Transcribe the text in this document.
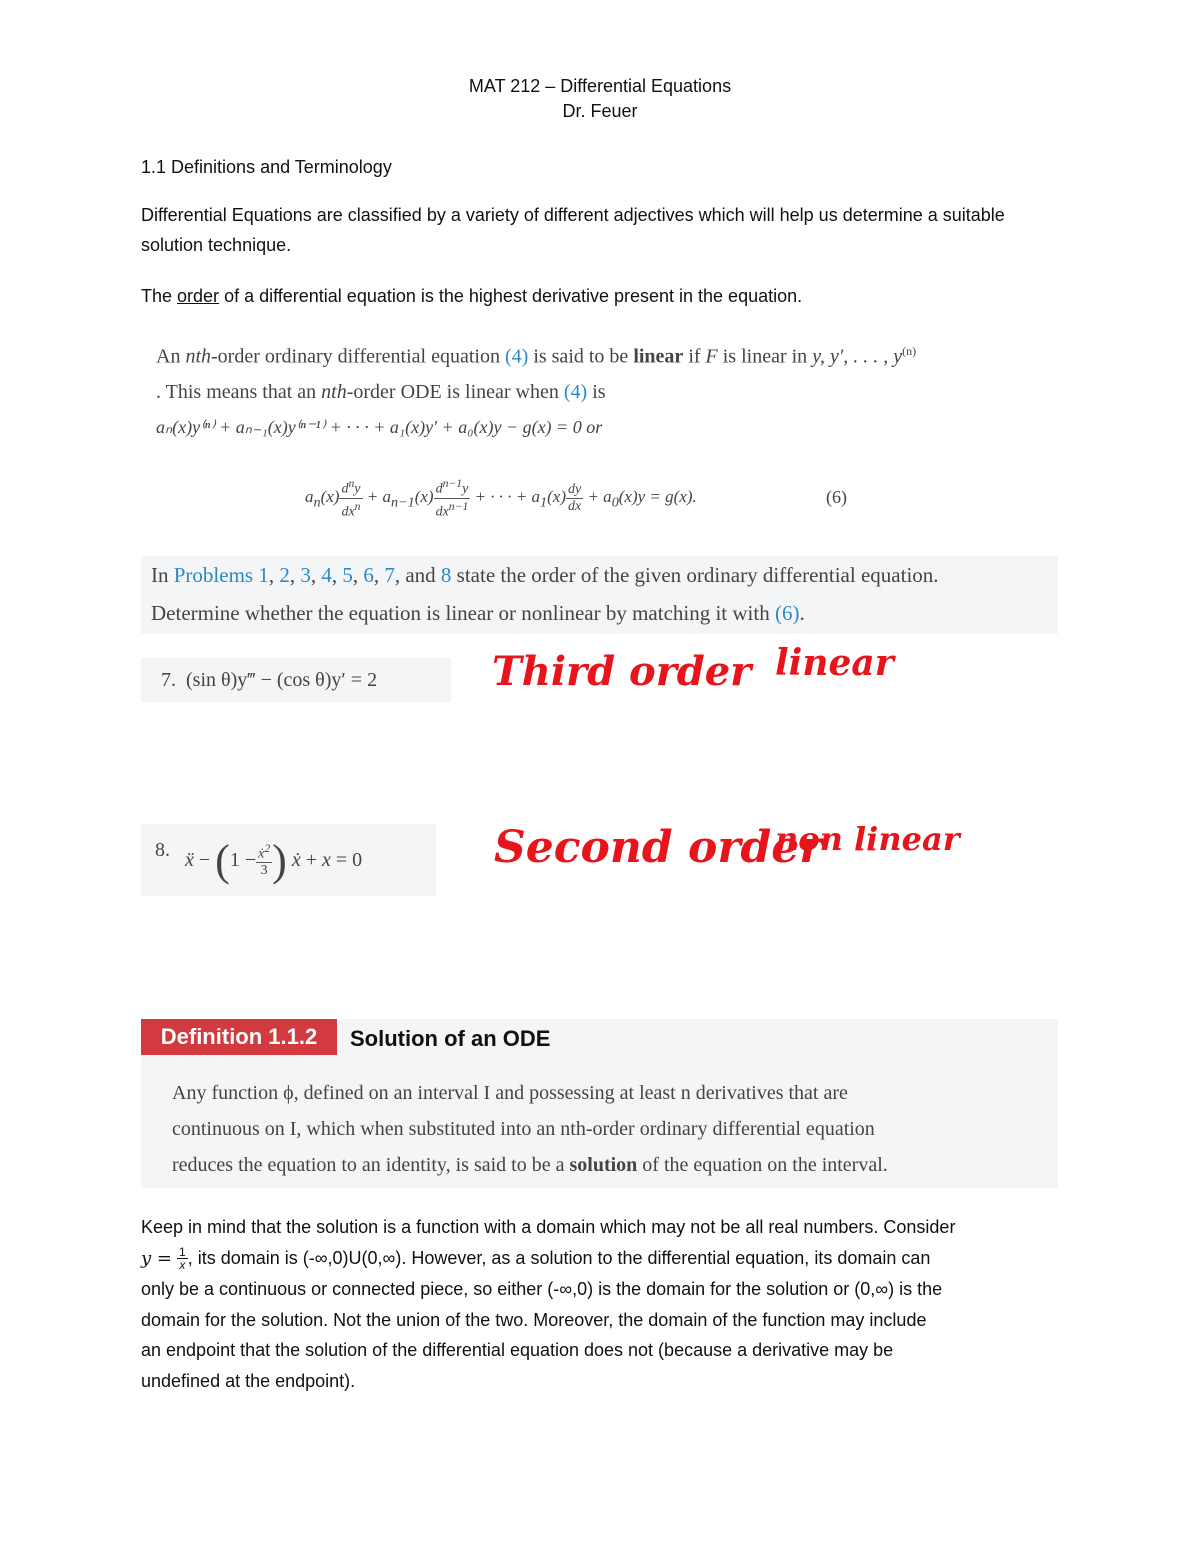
MAT 212 – Differential Equations
Dr. Feuer
1.1 Definitions and Terminology
Differential Equations are classified by a variety of different adjectives which will help us determine a suitable solution technique.
The order of a differential equation is the highest derivative present in the equation.
An nth-order ordinary differential equation (4) is said to be linear if F is linear in y, y′, . . . , $y^{(n)}$
. This means that an nth-order ODE is linear when (4) is
aₙ(x)y⁽ⁿ⁾ + aₙ₋₁(x)y⁽ⁿ⁻¹⁾ + · · · + a₁(x)y′ + a₀(x)y − g(x) = 0 or
$a_n(x) \frac{d^ny}{dx^n} + a_{n-1}(x) \frac{d^{n-1}y}{dx^{n-1}}$ + · · · + $a_1(x) \frac{dy}{dx} + a_0(x)y = g(x)$.	(6)
In Problems 1, 2, 3, 4, 5, 6, 7, and 8 state the order of the given ordinary differential equation.
Determine whether the equation is linear or nonlinear by matching it with (6).
7. (sin θ)y‴ − (cos θ)y′ = 2	Third order linear
8.
ẍ − ( $1 - \frac{ẋ^2}{3}$ )
ẋ + x = 0	Second order
non linear
Definition 1.1.2	Solution of an ODE
Any function ϕ, defined on an interval I and possessing at least n derivatives that are
continuous on I, which when substituted into an nth-order ordinary differential equation
reduces the equation to an identity, is said to be a solution of the equation on the interval.
Keep in mind that the solution is a function with a domain which may not be all real numbers. Consider
$y = \frac{1}{x}$ , its domain is (-∞,0)U(0,∞). However, as a solution to the differential equation, its domain can
only be a continuous or connected piece, so either (-∞,0) is the domain for the solution or (0,∞) is the
domain for the solution. Not the union of the two. Moreover, the domain of the function may include
an endpoint that the solution of the differential equation does not (because a derivative may be
undefined at the endpoint).
